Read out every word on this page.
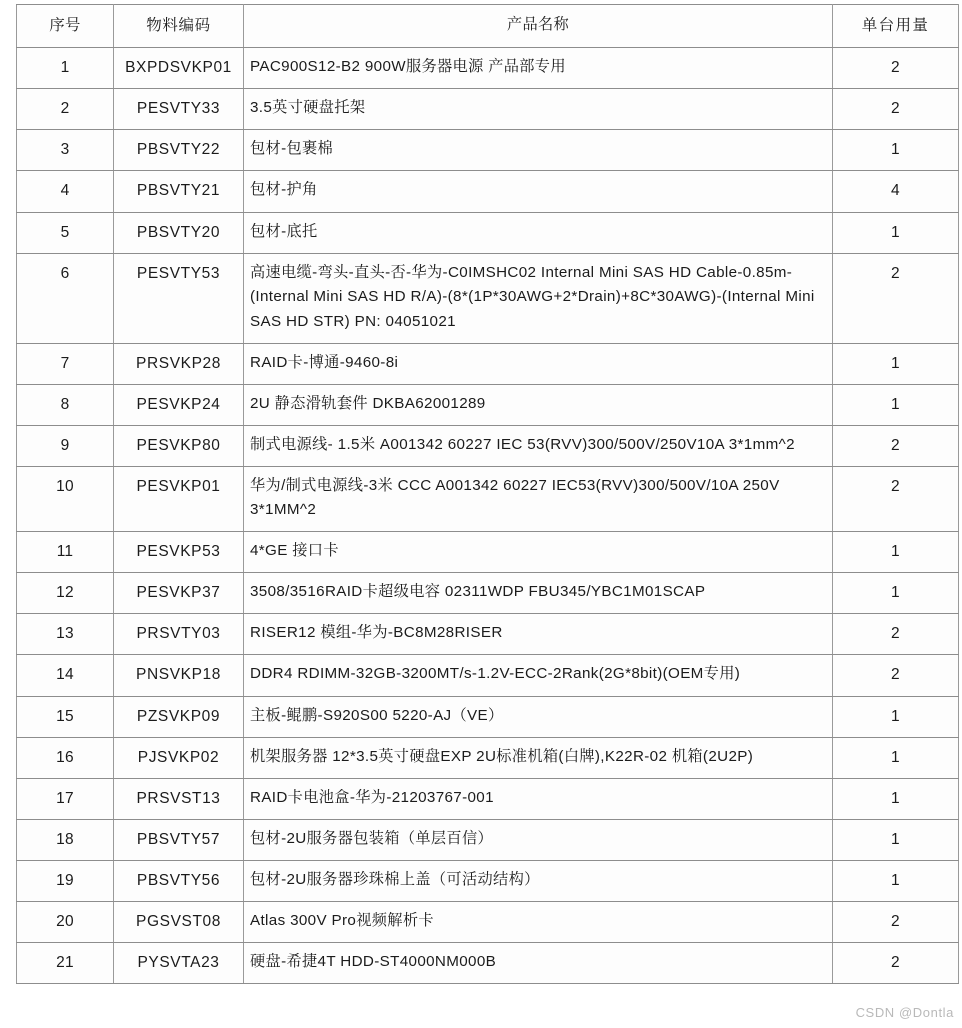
序号	物料编码	产品名称	单台用量

1	BXPDSVKP01	PAC900S12-B2 900W服务器电源 产品部专用	2

2	PESVTY33	3.5英寸硬盘托架	2

3	PBSVTY22	包材-包裹棉	1

4	PBSVTY21	包材-护角	4

5	PBSVTY20	包材-底托	1

6	PESVTY53	高速电缆-弯头-直头-否-华为-C0IMSHC02 Internal Mini SAS HD Cable-0.85m-(Internal Mini SAS HD R/A)-(8*(1P*30AWG+2*Drain)+8C*30AWG)-(Internal Mini SAS HD STR) PN: 04051021	2

7	PRSVKP28	RAID卡-博通-9460-8i	1

8	PESVKP24	2U 静态滑轨套件 DKBA62001289	1

9	PESVKP80	制式电源线- 1.5米 A001342 60227 IEC 53(RVV)300/500V/250V10A 3*1mm^2	2

10	PESVKP01	华为/制式电源线-3米 CCC A001342 60227 IEC53(RVV)300/500V/10A 250V 3*1MM^2	2

11	PESVKP53	4*GE 接口卡	1

12	PESVKP37	3508/3516RAID卡超级电容 02311WDP FBU345/YBC1M01SCAP	1

13	PRSVTY03	RISER12 模组-华为-BC8M28RISER	2

14	PNSVKP18	DDR4 RDIMM-32GB-3200MT/s-1.2V-ECC-2Rank(2G*8bit)(OEM专用)	2

15	PZSVKP09	主板-鲲鹏-S920S00 5220-AJ（VE）	1

16	PJSVKP02	机架服务器 12*3.5英寸硬盘EXP 2U标准机箱(白牌),K22R-02 机箱(2U2P)	1

17	PRSVST13	RAID卡电池盒-华为-21203767-001	1

18	PBSVTY57	包材-2U服务器包装箱（单层百信）	1

19	PBSVTY56	包材-2U服务器珍珠棉上盖（可活动结构）	1

20	PGSVST08	Atlas 300V Pro视频解析卡	2

21	PYSVTA23	硬盘-希捷4T HDD-ST4000NM000B	2
CSDN @Dontla
